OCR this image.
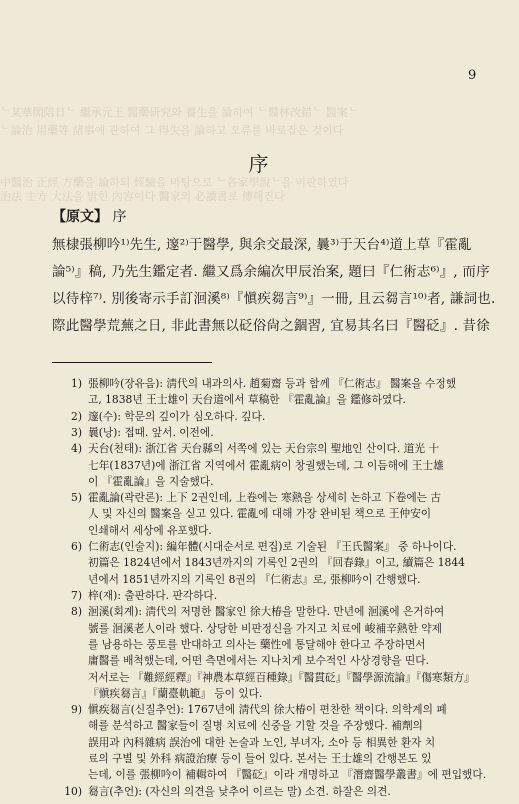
9
ᄂ某華閣陪日ᄂ 繼承元王 醫藥研究와 養生을 論하여 ᄂ醫林改錯ᄂ 醫案ᄂ
ᄂ論治 用藥等 諸事에 관하여 그 得失을 論하고 오류를 바로잡은 것이다
中醫治 正經 方藥을 論하되 經驗을 바탕으로 ᄂ各家學說ᄂ을 비판하였다
治法 主方 大法을 밝힌 內容이다 醫家의 必讀書로 傳해진다
序
【原文】 序
無棣張柳吟¹⁾先生, 邃²⁾于醫學, 與余交最深, 曩³⁾于天台⁴⁾道上草『霍亂
論⁵⁾』稿, 乃先生鑑定者. 繼又爲余編次甲辰治案, 題曰『仁術志⁶⁾』, 而序
以待梓⁷⁾. 別後寄示手訂洄溪⁸⁾『愼疾芻言⁹⁾』一冊, 且云芻言¹⁰⁾者, 謙詞也.
際此醫學荒蕪之日, 非此書無以砭俗尙之錮習, 宜易其名曰『醫砭』. 昔徐
1) 張柳吟(장유음): 淸代의 내과의사. 趙菊齋 등과 함께 『仁術志』 醫案을 수정했
고, 1838년 王士雄이 天台道에서 草稿한 『霍亂論』을 鑑修하였다.
2) 邃(수): 학문의 깊이가 심오하다. 깊다.
3) 曩(낭): 접때. 앞서. 이전에.
4) 天台(천태): 浙江省 天台縣의 서쪽에 있는 天台宗의 聖地인 산이다. 道光 十
七年(1837년)에 浙江省 지역에서 霍亂病이 창궐했는데, 그 이듬해에 王士雄
이 『霍亂論』을 지술했다.
5) 霍亂論(곽란론): 上下 2권인데, 上卷에는 寒熱을 상세히 논하고 下卷에는 古
人 및 자신의 醫案을 싣고 있다. 霍亂에 대해 가장 완비된 책으로 王仲安이
인쇄해서 세상에 유포했다.
6) 仁術志(인술지): 編年體(시대순서로 편집)로 기술된 『王氏醫案』 중 하나이다.
初篇은 1824년에서 1843년까지의 기록인 2권의 『回春錄』이고, 續篇은 1844
년에서 1851년까지의 기록인 8권의 『仁術志』로, 張柳吟이 간행했다.
7) 梓(재): 출판하다. 판각하다.
8) 洄溪(회계): 淸代의 저명한 醫家인 徐大椿을 말한다. 만년에 洄溪에 은거하여
號를 洄溪老人이라 했다. 상당한 비판정신을 가지고 치료에 峻補辛熱한 약제
를 남용하는 풍토를 반대하고 의사는 藥性에 통달해야 한다고 주장하면서
庸醫를 배척했는데, 어떤 측면에서는 지나치게 보수적인 사상경향을 띤다.
저서로는 『難經經釋』『神農本草經百種錄』『醫貫砭』『醫學源流論』『傷寒類方』
『愼疾芻言』『蘭臺軌範』 등이 있다.
9) 愼疾芻言(신질추언): 1767년에 淸代의 徐大椿이 편찬한 책이다. 의학계의 폐
해를 분석하고 醫家들이 질병 치료에 신중을 기할 것을 주장했다. 補劑의
誤用과 內科雜病 誤治에 대한 논술과 노인, 부녀자, 소아 등 相異한 환자 치
료의 구별 및 外科 病證治療 등이 들어 있다. 본서는 王士雄의 간행본도 있
는데, 이를 張柳吟이 補輯하여 『醫砭』이라 개명하고 『潛齋醫學叢書』에 편입했다.
10) 芻言(추언): (자신의 의견을 낮추어 이르는 말) 소견. 하잘은 의견.
